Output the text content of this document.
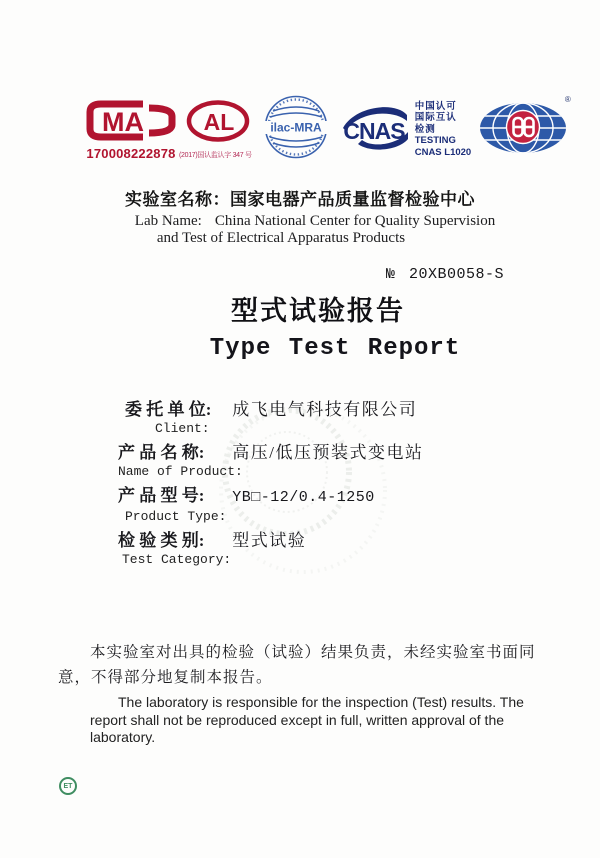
MA
170008222878
AL
(2017)国认监认字 347 号
ilac-MRA CNAS
中国认可
国际互认
检测
TESTING
CNAS L1020
®
实验室名称：国家电器产品质量监督检验中心
Lab Name: China National Center for Quality Supervision
and Test of Electrical Apparatus Products
№ 20XB0058-S
型式试验报告
Type Test Report
委 托 单 位: 成飞电气科技有限公司
Client:
产 品 名 称: 高压/低压预装式变电站
Name of Product:
产 品 型 号: YB□-12/0.4-1250
Product Type:
检 验 类 别: 型式试验
Test Category:
本实验室对出具的检验（试验）结果负责，未经实验室书面同意，不得部分地复制本报告。
The laboratory is responsible for the inspection (Test) results. The report shall not be reproduced except in full, written approval of the laboratory.
ET
